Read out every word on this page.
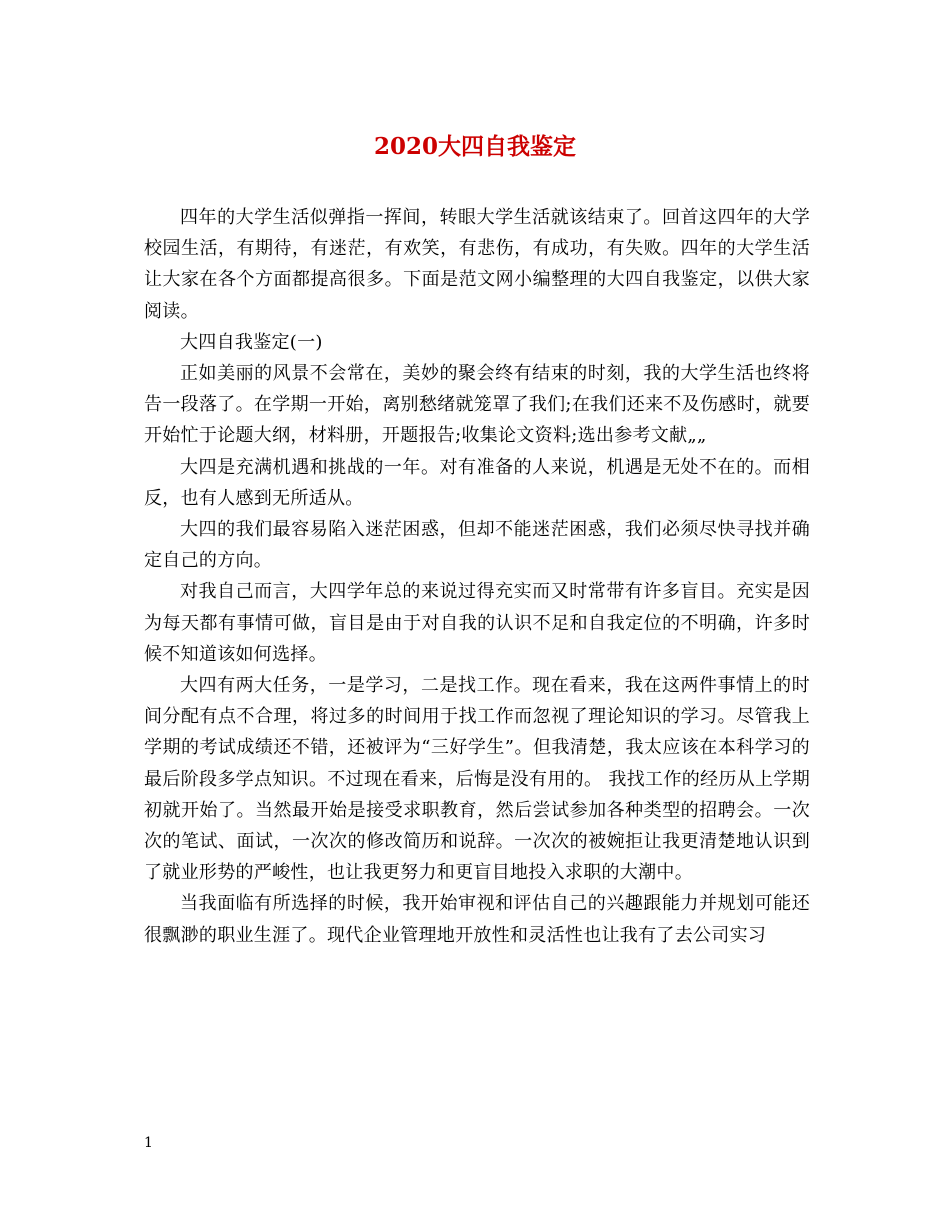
2020大四自我鉴定

四年的大学生活似弹指一挥间，转眼大学生活就该结束了。回首这四年的大学校园生活，有期待，有迷茫，有欢笑，有悲伤，有成功，有失败。四年的大学生活让大家在各个方面都提高很多。下面是范文网小编整理的大四自我鉴定，以供大家阅读。

大四自我鉴定(一)

正如美丽的风景不会常在，美妙的聚会终有结束的时刻，我的大学生活也终将告一段落了。在学期一开始，离别愁绪就笼罩了我们;在我们还来不及伤感时，就要开始忙于论题大纲，材料册，开题报告;收集论文资料;选出参考文献„„

大四是充满机遇和挑战的一年。对有准备的人来说，机遇是无处不在的。而相反，也有人感到无所适从。

大四的我们最容易陷入迷茫困惑，但却不能迷茫困惑，我们必须尽快寻找并确定自己的方向。

对我自己而言，大四学年总的来说过得充实而又时常带有许多盲目。充实是因为每天都有事情可做，盲目是由于对自我的认识不足和自我定位的不明确，许多时候不知道该如何选择。

大四有两大任务，一是学习，二是找工作。现在看来，我在这两件事情上的时间分配有点不合理，将过多的时间用于找工作而忽视了理论知识的学习。尽管我上学期的考试成绩还不错，还被评为“三好学生”。但我清楚，我太应该在本科学习的最后阶段多学点知识。不过现在看来，后悔是没有用的。 我找工作的经历从上学期初就开始了。当然最开始是接受求职教育，然后尝试参加各种类型的招聘会。一次次的笔试、面试，一次次的修改简历和说辞。一次次的被婉拒让我更清楚地认识到了就业形势的严峻性，也让我更努力和更盲目地投入求职的大潮中。

当我面临有所选择的时候，我开始审视和评估自己的兴趣跟能力并规划可能还很飘渺的职业生涯了。现代企业管理地开放性和灵活性也让我有了去公司实习

1
